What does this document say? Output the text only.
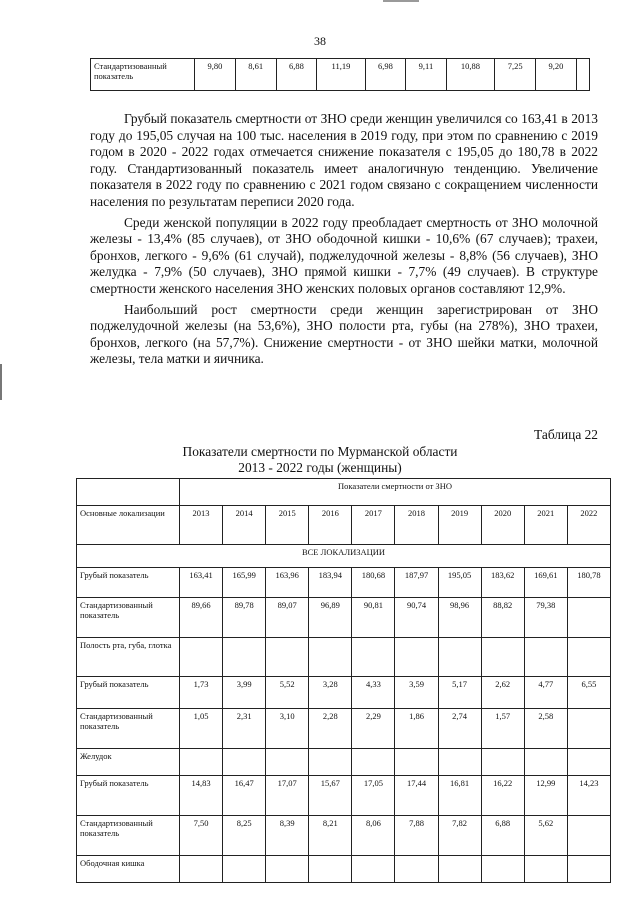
38
Стандартизованный показатель	9,80	8,61	6,88	11,19	6,98	9,11	10,88	7,25	9,20	

Грубый показатель смертности от ЗНО среди женщин увеличился со 163,41 в 2013 году до 195,05 случая на 100 тыс. населения в 2019 году, при этом по сравнению с 2019 годом в 2020 - 2022 годах отмечается снижение показателя с 195,05 до 180,78 в 2022 году. Стандартизованный показатель имеет аналогичную тенденцию. Увеличение показателя в 2022 году по сравнению с 2021 годом связано с сокращением численности населения по результатам переписи 2020 года.

Среди женской популяции в 2022 году преобладает смертность от ЗНО молочной железы - 13,4% (85 случаев), от ЗНО ободочной кишки - 10,6% (67 случаев); трахеи, бронхов, легкого - 9,6% (61 случай), поджелудочной железы - 8,8% (56 случаев), ЗНО желудка - 7,9% (50 случаев), ЗНО прямой кишки - 7,7% (49 случаев). В структуре смертности женского населения ЗНО женских половых органов составляют 12,9%.

Наибольший рост смертности среди женщин зарегистрирован от ЗНО поджелудочной железы (на 53,6%), ЗНО полости рта, губы (на 278%), ЗНО трахеи, бронхов, легкого (на 57,7%). Снижение смертности - от ЗНО шейки матки, молочной железы, тела матки и яичника.

Таблица 22
Показатели смертности по Мурманской области
2013 - 2022 годы (женщины)
	Показатели смертности от ЗНО									
Основные локализации	2013	2014	2015	2016	2017	2018	2019	2020	2021	2022
ВСЕ ЛОКАЛИЗАЦИИ										
Грубый показатель	163,41	165,99	163,96	183,94	180,68	187,97	195,05	183,62	169,61	180,78
Стандартизованный показатель	89,66	89,78	89,07	96,89	90,81	90,74	98,96	88,82	79,38	
Полость рта, губа, глотка										
Грубый показатель	1,73	3,99	5,52	3,28	4,33	3,59	5,17	2,62	4,77	6,55
Стандартизованный показатель	1,05	2,31	3,10	2,28	2,29	1,86	2,74	1,57	2,58	
Желудок										
Грубый показатель	14,83	16,47	17,07	15,67	17,05	17,44	16,81	16,22	12,99	14,23
Стандартизованный показатель	7,50	8,25	8,39	8,21	8,06	7,88	7,82	6,88	5,62	
Ободочная кишка										
